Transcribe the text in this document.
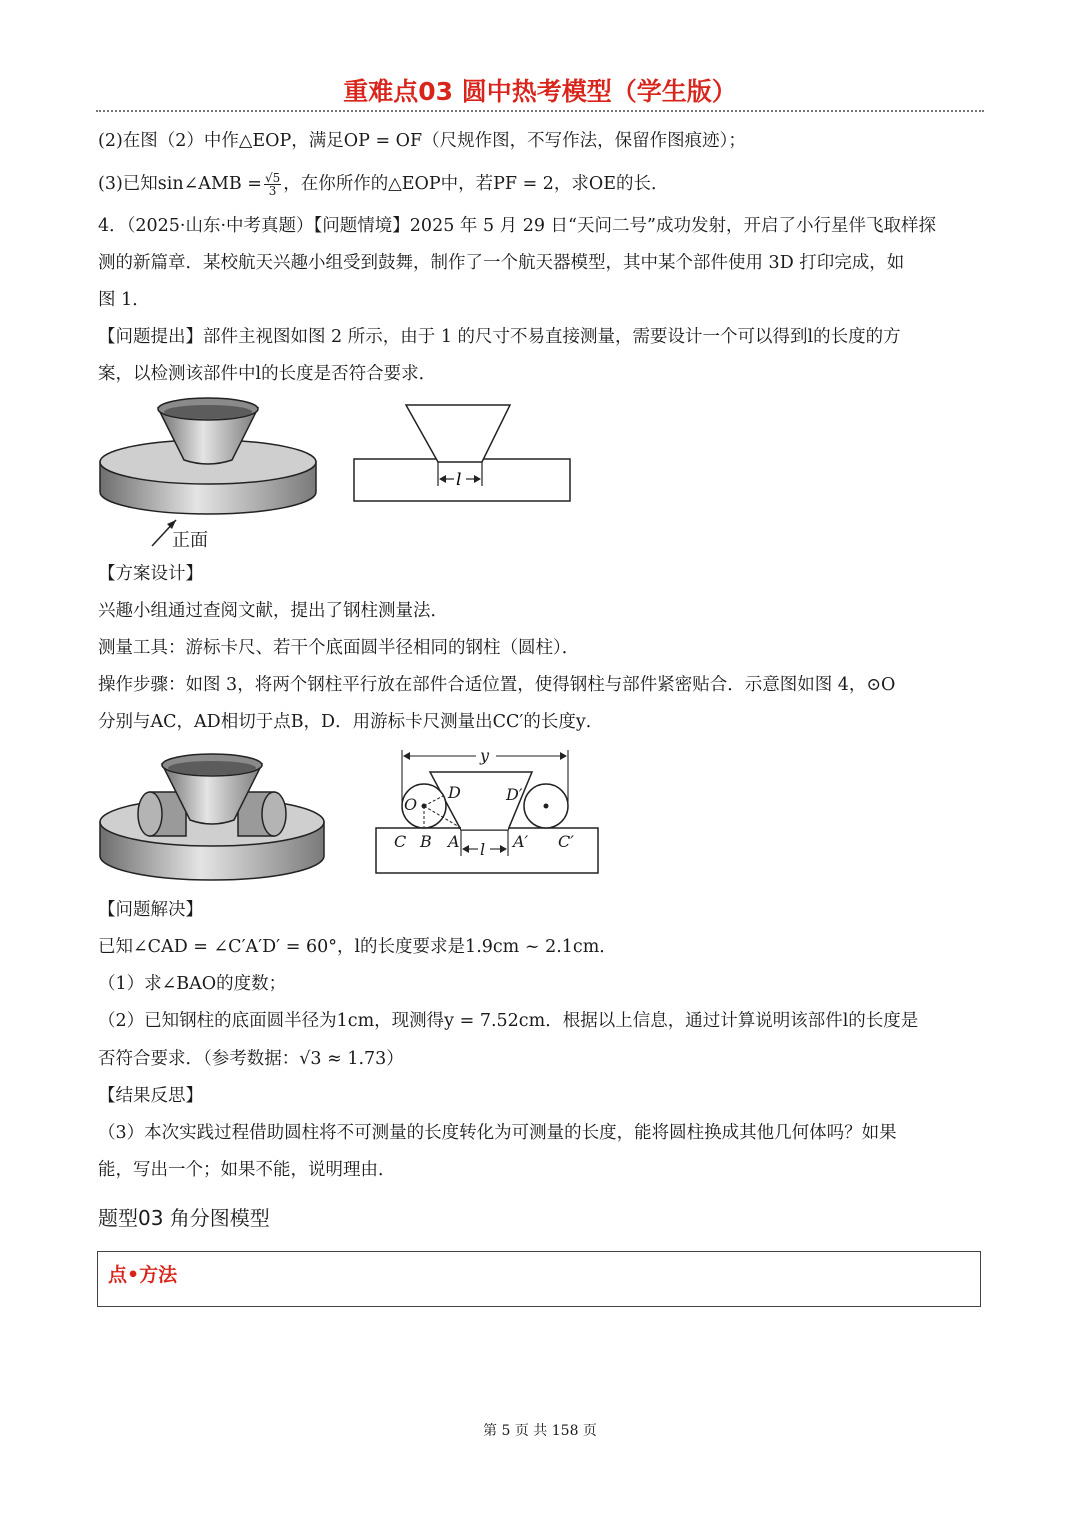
重难点03 圆中热考模型（学生版）
(2)在图（2）中作△EOP，满足OP = OF（尺规作图，不写作法，保留作图痕迹）；
(3)已知sin∠AMB = $\frac{√5}{3}$ ，在你所作的△EOP中，若PF = 2，求OE的长．
4．（2025·山东·中考真题）【问题情境】2025 年 5 月 29 日“天问二号”成功发射，开启了小行星伴飞取样探
测的新篇章．某校航天兴趣小组受到鼓舞，制作了一个航天器模型，其中某个部件使用 3D 打印完成，如
图 1．
【问题提出】部件主视图如图 2 所示，由于 1 的尺寸不易直接测量，需要设计一个可以得到l的长度的方
案，以检测该部件中l的长度是否符合要求．
正面
l
【方案设计】
兴趣小组通过查阅文献，提出了钢柱测量法．
测量工具：游标卡尺、若干个底面圆半径相同的钢柱（圆柱）．
操作步骤：如图 3，将两个钢柱平行放在部件合适位置，使得钢柱与部件紧密贴合．示意图如图 4，⊙O
分别与AC，AD相切于点B，D．用游标卡尺测量出CC′的长度y．
y
O
D	D′
C B A l A′ C′
【问题解决】
已知∠CAD = ∠C′A′D′ = 60°，l的长度要求是1.9cm ~ 2.1cm．
（1）求∠BAO的度数；
（2）已知钢柱的底面圆半径为1cm，现测得y = 7.52cm．根据以上信息，通过计算说明该部件l的长度是
否符合要求．（参考数据：√3 ≈ 1.73）
【结果反思】
（3）本次实践过程借助圆柱将不可测量的长度转化为可测量的长度，能将圆柱换成其他几何体吗？如果
能，写出一个；如果不能，说明理由．
题型03 角分图模型
点•方法
第 5 页 共 158 页
